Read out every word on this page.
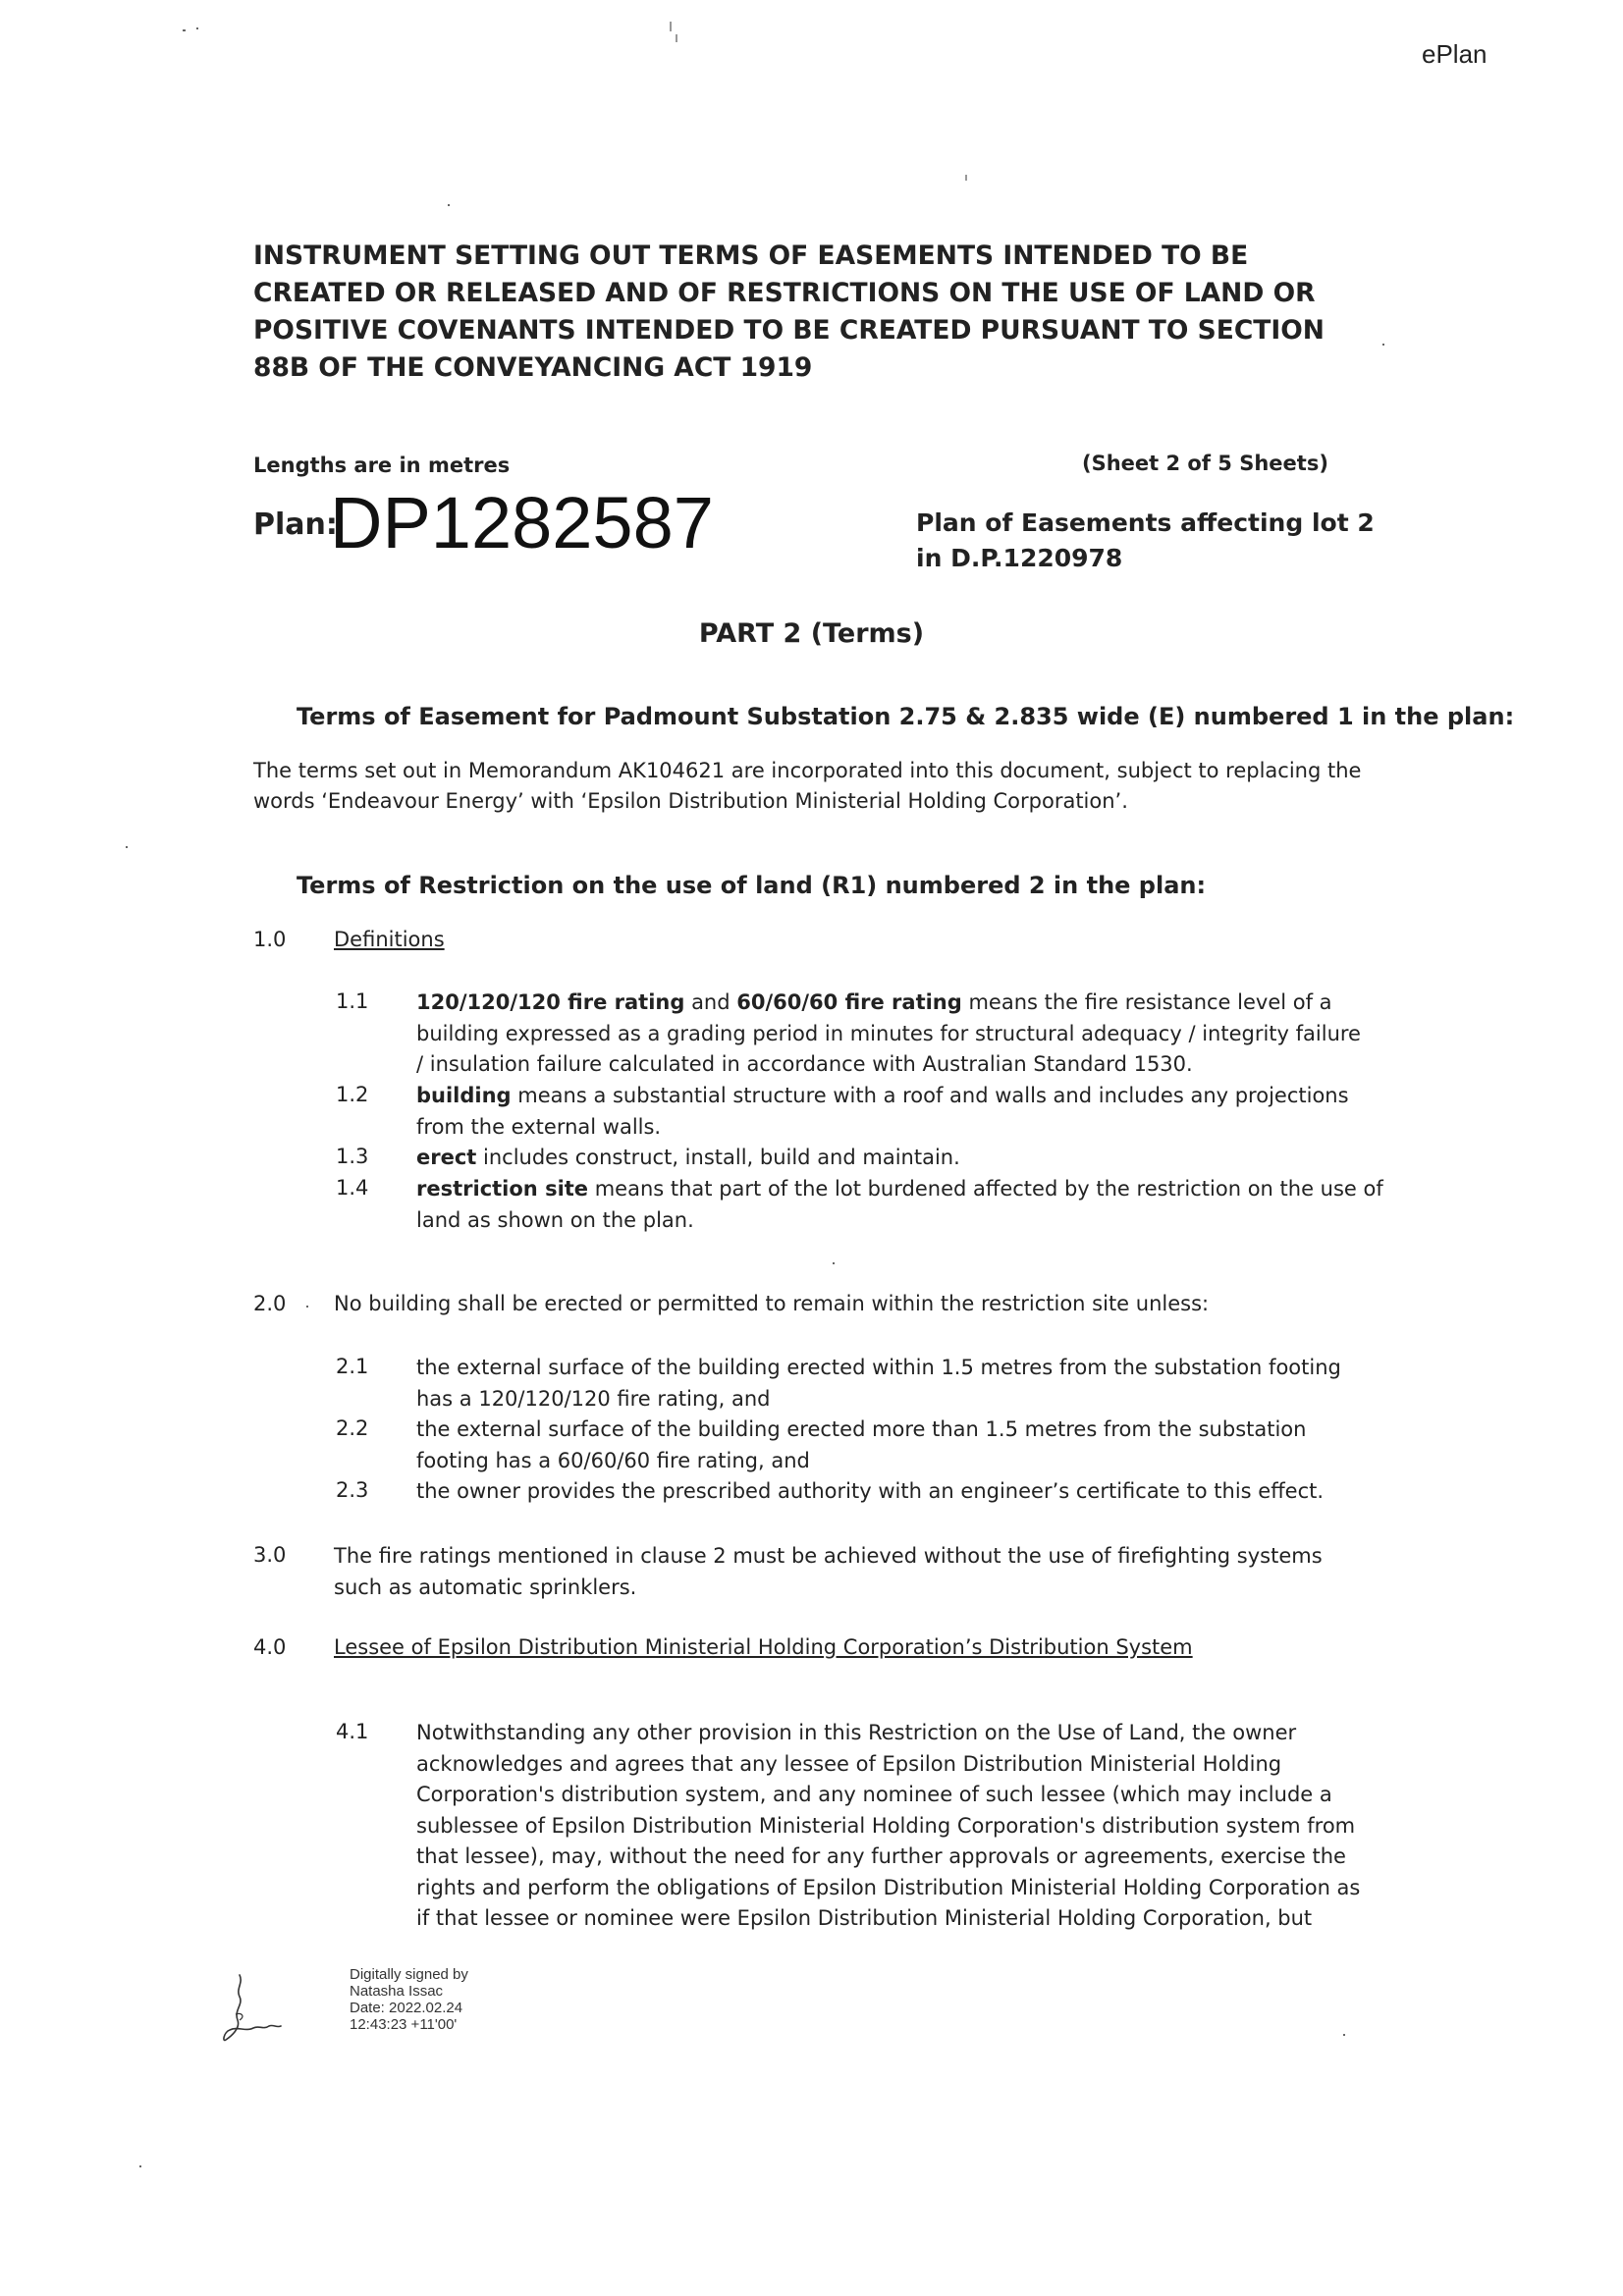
ePlan
INSTRUMENT SETTING OUT TERMS OF EASEMENTS INTENDED TO BE
CREATED OR RELEASED AND OF RESTRICTIONS ON THE USE OF LAND OR
POSITIVE COVENANTS INTENDED TO BE CREATED PURSUANT TO SECTION
88B OF THE CONVEYANCING ACT 1919
Lengths are in metres	(Sheet 2 of 5 Sheets)
Plan:
DP1282587	Plan of Easements affecting lot 2
in D.P.1220978
PART 2 (Terms)
Terms of Easement for Padmount Substation 2.75 & 2.835 wide (E) numbered 1 in the plan:
The terms set out in Memorandum AK104621 are incorporated into this document, subject to replacing the
words ‘Endeavour Energy’ with ‘Epsilon Distribution Ministerial Holding Corporation’.
Terms of Restriction on the use of land (R1) numbered 2 in the plan:
1.0 Definitions
1.1 120/120/120 fire rating and 60/60/60 fire rating means the fire resistance level of a
building expressed as a grading period in minutes for structural adequacy / integrity failure
/ insulation failure calculated in accordance with Australian Standard 1530.
1.2 building means a substantial structure with a roof and walls and includes any projections
from the external walls.
1.3 erect includes construct, install, build and maintain.
1.4 restriction site means that part of the lot burdened affected by the restriction on the use of
land as shown on the plan.
2.0 No building shall be erected or permitted to remain within the restriction site unless:
2.1 the external surface of the building erected within 1.5 metres from the substation footing
has a 120/120/120 fire rating, and
2.2 the external surface of the building erected more than 1.5 metres from the substation
footing has a 60/60/60 fire rating, and
2.3 the owner provides the prescribed authority with an engineer’s certificate to this effect.
3.0 The fire ratings mentioned in clause 2 must be achieved without the use of firefighting systems
such as automatic sprinklers.
4.0 Lessee of Epsilon Distribution Ministerial Holding Corporation’s Distribution System
4.1 Notwithstanding any other provision in this Restriction on the Use of Land, the owner
acknowledges and agrees that any lessee of Epsilon Distribution Ministerial Holding
Corporation's distribution system, and any nominee of such lessee (which may include a
sublessee of Epsilon Distribution Ministerial Holding Corporation's distribution system from
that lessee), may, without the need for any further approvals or agreements, exercise the
rights and perform the obligations of Epsilon Distribution Ministerial Holding Corporation as
if that lessee or nominee were Epsilon Distribution Ministerial Holding Corporation, but
Digitally signed by
Natasha Issac
Date: 2022.02.24
12:43:23 +11'00'
